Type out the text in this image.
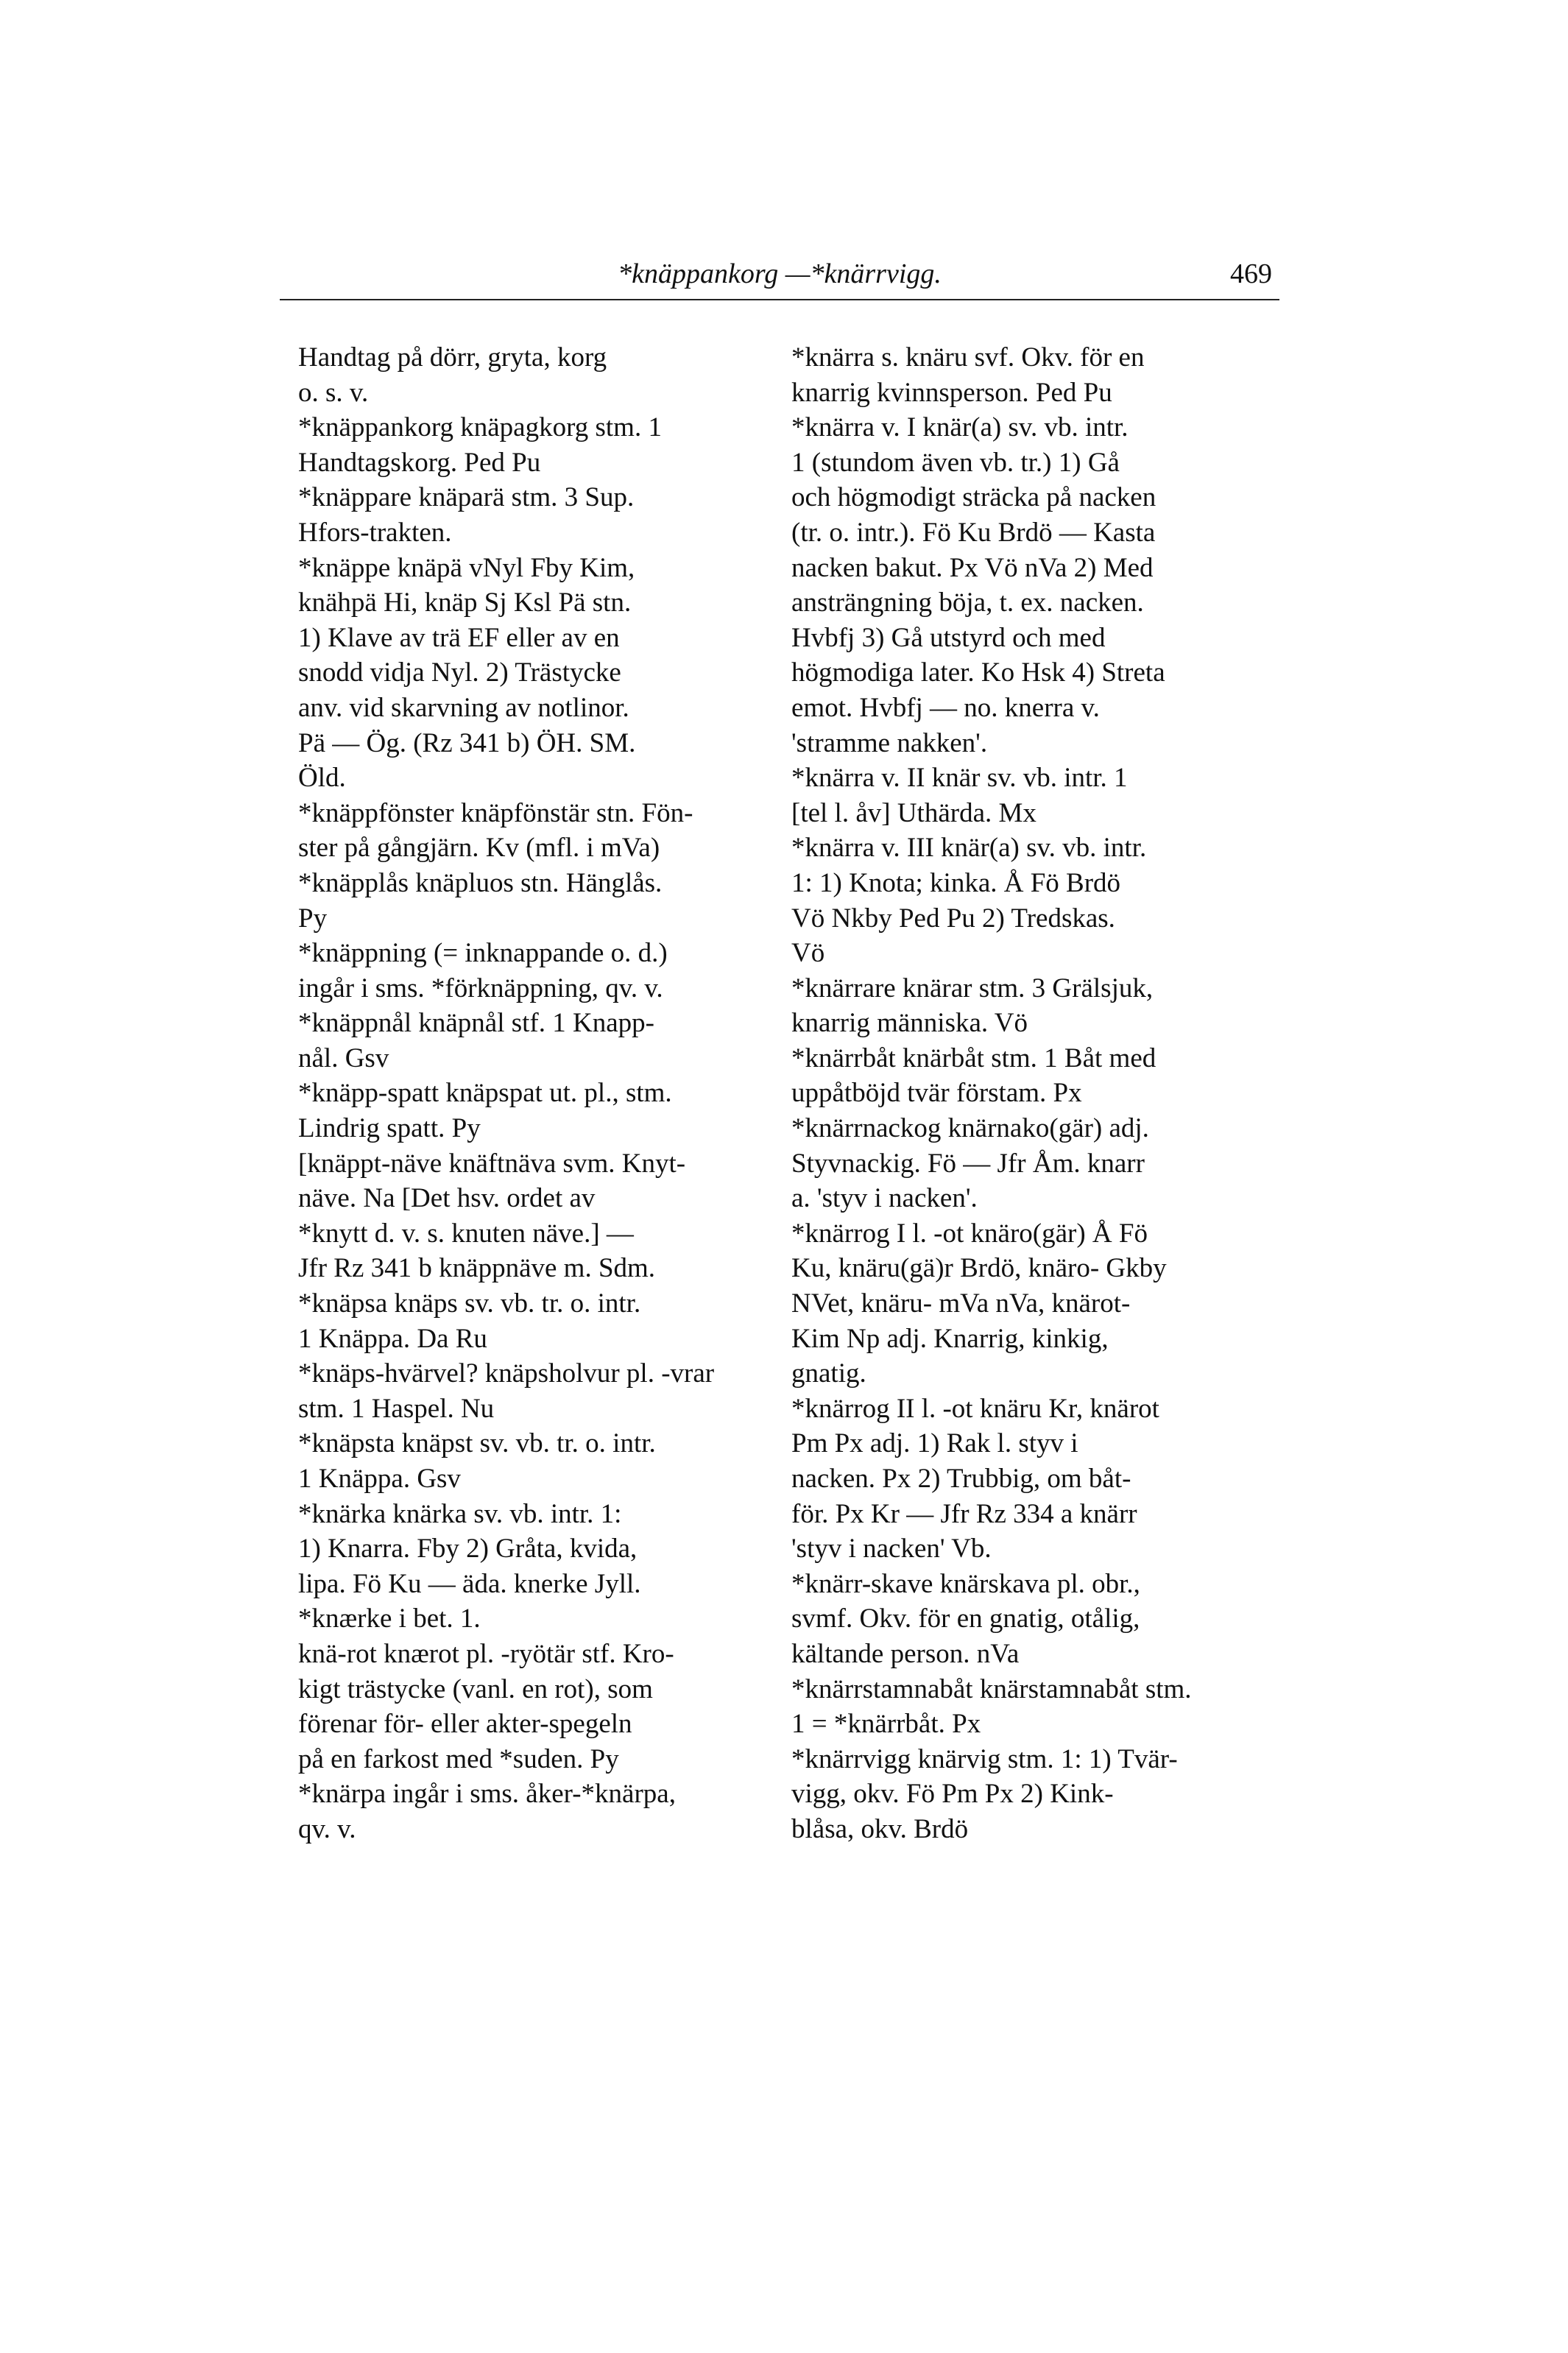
*knäppankorg —*knärrvigg.	469
Handtag på dörr, gryta, korg
o. s. v.
*knäppankorg knäpagkorg stm. 1
Handtagskorg. Ped Pu
*knäppare knäparä stm. 3 Sup.
Hfors-trakten.
*knäppe knäpä vNyl Fby Kim,
knähpä Hi, knäp Sj Ksl Pä stn.
1) Klave av trä EF eller av en
snodd vidja Nyl. 2) Trästycke
anv. vid skarvning av notlinor.
Pä — Ög. (Rz 341 b) ÖH. SM.
Öld.
*knäppfönster knäpfönstär stn. Fön-
ster på gångjärn. Kv (mfl. i mVa)
*knäpplås knäpluos stn. Hänglås.
Py
*knäppning (= inknappande o. d.)
ingår i sms. *förknäppning, qv. v.
*knäppnål knäpnål stf. 1 Knapp-
nål. Gsv
*knäpp-spatt knäpspat ut. pl., stm.
Lindrig spatt. Py
[knäppt-näve knäftnäva svm. Knyt-
näve. Na [Det hsv. ordet av
*knytt d. v. s. knuten näve.] —
Jfr Rz 341 b knäppnäve m. Sdm.
*knäpsa knäps sv. vb. tr. o. intr.
1 Knäppa. Da Ru
*knäps-hvärvel? knäpsholvur pl. -vrar
stm. 1 Haspel. Nu
*knäpsta knäpst sv. vb. tr. o. intr.
1 Knäppa. Gsv
*knärka knärka sv. vb. intr. 1:
1) Knarra. Fby 2) Gråta, kvida,
lipa. Fö Ku — äda. knerke Jyll.
*knærke i bet. 1.
knä-rot knærot pl. -ryötär stf. Kro-
kigt trästycke (vanl. en rot), som
förenar för- eller akter-spegeln
på en farkost med *suden. Py
*knärpa ingår i sms. åker-*knärpa,
qv. v.
*knärra s. knäru svf. Okv. för en
knarrig kvinnsperson. Ped Pu
*knärra v. I knär(a) sv. vb. intr.
1 (stundom även vb. tr.) 1) Gå
och högmodigt sträcka på nacken
(tr. o. intr.). Fö Ku Brdö — Kasta
nacken bakut. Px Vö nVa 2) Med
ansträngning böja, t. ex. nacken.
Hvbfj 3) Gå utstyrd och med
högmodiga later. Ko Hsk 4) Streta
emot. Hvbfj — no. knerra v.
'stramme nakken'.
*knärra v. II knär sv. vb. intr. 1
[tel l. åv] Uthärda. Mx
*knärra v. III knär(a) sv. vb. intr.
1: 1) Knota; kinka. Å Fö Brdö
Vö Nkby Ped Pu 2) Tredskas.
Vö
*knärrare knärar stm. 3 Grälsjuk,
knarrig människa. Vö
*knärrbåt knärbåt stm. 1 Båt med
uppåtböjd tvär förstam. Px
*knärrnackog knärnako(gär) adj.
Styvnackig. Fö — Jfr Åm. knarr
a. 'styv i nacken'.
*knärrog I l. -ot knäro(gär) Å Fö
Ku, knäru(gä)r Brdö, knäro- Gkby
NVet, knäru- mVa nVa, knärot-
Kim Np adj. Knarrig, kinkig,
gnatig.
*knärrog II l. -ot knäru Kr, knärot
Pm Px adj. 1) Rak l. styv i
nacken. Px 2) Trubbig, om båt-
för. Px Kr — Jfr Rz 334 a knärr
'styv i nacken' Vb.
*knärr-skave knärskava pl. obr.,
svmf. Okv. för en gnatig, otålig,
kältande person. nVa
*knärrstamnabåt knärstamnabåt stm.
1 = *knärrbåt. Px
*knärrvigg knärvig stm. 1: 1) Tvär-
vigg, okv. Fö Pm Px 2) Kink-
blåsa, okv. Brdö
